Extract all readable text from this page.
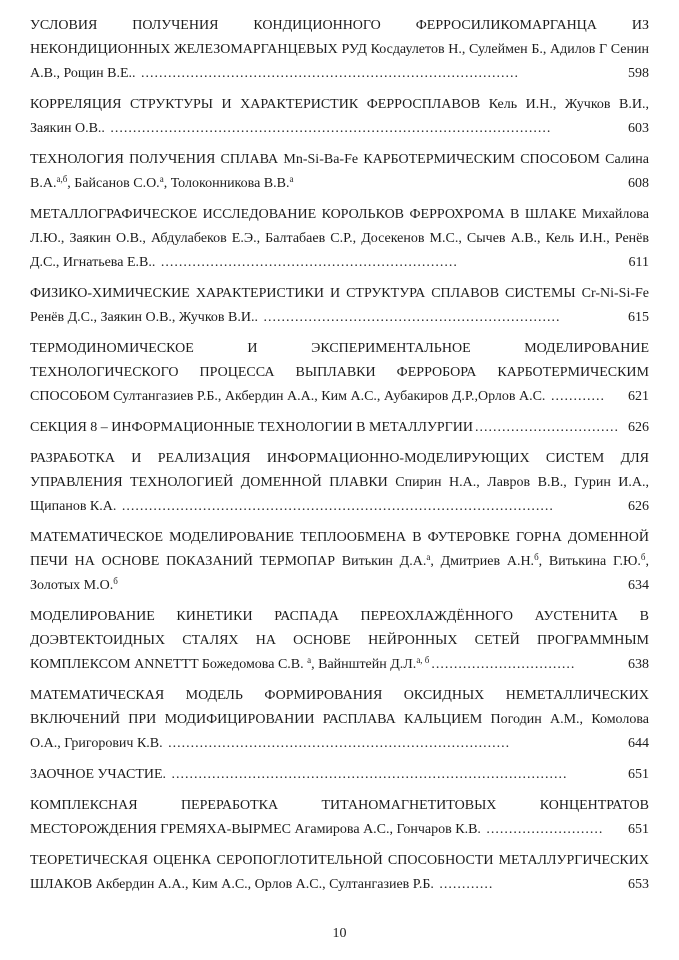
УСЛОВИЯ ПОЛУЧЕНИЯ КОНДИЦИОННОГО ФЕРРОСИЛИКОМАРГАНЦА ИЗ НЕКОНДИЦИОННЫХ ЖЕЛЕЗОМАРГАНЦЕВЫХ РУД Косдаулетов Н., Сулеймен Б., Адилов Г Сенин А.В., Рощин В.Е.. ....................................................................................	598

КОРРЕЛЯЦИЯ СТРУКТУРЫ И ХАРАКТЕРИСТИК ФЕРРОСПЛАВОВ Кель И.Н., Жучков В.И., Заякин О.В.. ..................................................................................................	603

ТЕХНОЛОГИЯ ПОЛУЧЕНИЯ СПЛАВА Mn-Si-Ba-Fe КАРБОТЕРМИЧЕСКИМ СПОСОБОМ Салина В.А.$^{а,б}$, Байсанов С.О.$^а$, Толоконникова В.В.$^а$	608

МЕТАЛЛОГРАФИЧЕСКОЕ ИССЛЕДОВАНИЕ КОРОЛЬКОВ ФЕРРОХРОМА В ШЛАКЕ Михайлова Л.Ю., Заякин О.В., Абдулабеков Е.Э., Балтабаев С.Р., Досекенов М.С., Сычев А.В., Кель И.Н., Ренёв Д.С., Игнатьева Е.В.. ..................................................................	611

ФИЗИКО-ХИМИЧЕСКИЕ ХАРАКТЕРИСТИКИ И СТРУКТУРА СПЛАВОВ СИСТЕМЫ Cr-Ni-Si-Fe Ренёв Д.С., Заякин О.В., Жучков В.И.. ..................................................................	615

ТЕРМОДИНОМИЧЕСКОЕ И ЭКСПЕРИМЕНТАЛЬНОЕ МОДЕЛИРОВАНИЕ ТЕХНОЛОГИЧЕСКОГО ПРОЦЕССА ВЫПЛАВКИ ФЕРРОБОРА КАРБОТЕРМИЧЕСКИМ СПОСОБОМ Султангазиев Р.Б., Акбердин А.А., Ким А.С., Аубакиров Д.Р.,Орлов А.С. ............ 621

СЕКЦИЯ 8 – ИНФОРМАЦИОННЫЕ ТЕХНОЛОГИИ В МЕТАЛЛУРГИИ ................................ 626

РАЗРАБОТКА И РЕАЛИЗАЦИЯ ИНФОРМАЦИОННО-МОДЕЛИРУЮЩИХ СИСТЕМ ДЛЯ УПРАВЛЕНИЯ ТЕХНОЛОГИЕЙ ДОМЕННОЙ ПЛАВКИ Спирин Н.А., Лавров В.В., Гурин И.А., Щипанов К.А. ................................................................................................	626

МАТЕМАТИЧЕСКОЕ МОДЕЛИРОВАНИЕ ТЕПЛООБМЕНА В ФУТЕРОВКЕ ГОРНА ДОМЕННОЙ ПЕЧИ НА ОСНОВЕ ПОКАЗАНИЙ ТЕРМОПАР Витькин Д.А.$^а$, Дмитриев А.Н.$^б$, Витькина Г.Ю.$^б$, Золотых М.О.$^б$	634

МОДЕЛИРОВАНИЕ КИНЕТИКИ РАСПАДА ПЕРЕОХЛАЖДЁННОГО АУСТЕНИТА В ДОЭВТЕКТОИДНЫХ СТАЛЯХ НА ОСНОВЕ НЕЙРОННЫХ СЕТЕЙ ПРОГРАММНЫМ КОМПЛЕКСОМ ANNETTT Божедомова С.В. $^а$, Вайнштейн Д.Л.$^{а, б}$ ................................	638

МАТЕМАТИЧЕСКАЯ МОДЕЛЬ ФОРМИРОВАНИЯ ОКСИДНЫХ НЕМЕТАЛЛИЧЕСКИХ ВКЛЮЧЕНИЙ ПРИ МОДИФИЦИРОВАНИИ РАСПЛАВА КАЛЬЦИЕМ Погодин А.М., Комолова О.А., Григорович К.В. ............................................................................	644

ЗАОЧНОЕ УЧАСТИЕ. ........................................................................................	651

КОМПЛЕКСНАЯ ПЕРЕРАБОТКА ТИТАНОМАГНЕТИТОВЫХ КОНЦЕНТРАТОВ МЕСТОРОЖДЕНИЯ ГРЕМЯХА-ВЫРМЕС Агамирова А.С., Гончаров К.В. .......................... 651

ТЕОРЕТИЧЕСКАЯ ОЦЕНКА СЕРОПОГЛОТИТЕЛЬНОЙ СПОСОБНОСТИ МЕТАЛЛУРГИЧЕСКИХ ШЛАКОВ Акбердин А.А., Ким А.С., Орлов А.С., Султангазиев Р.Б. ............	653

10
